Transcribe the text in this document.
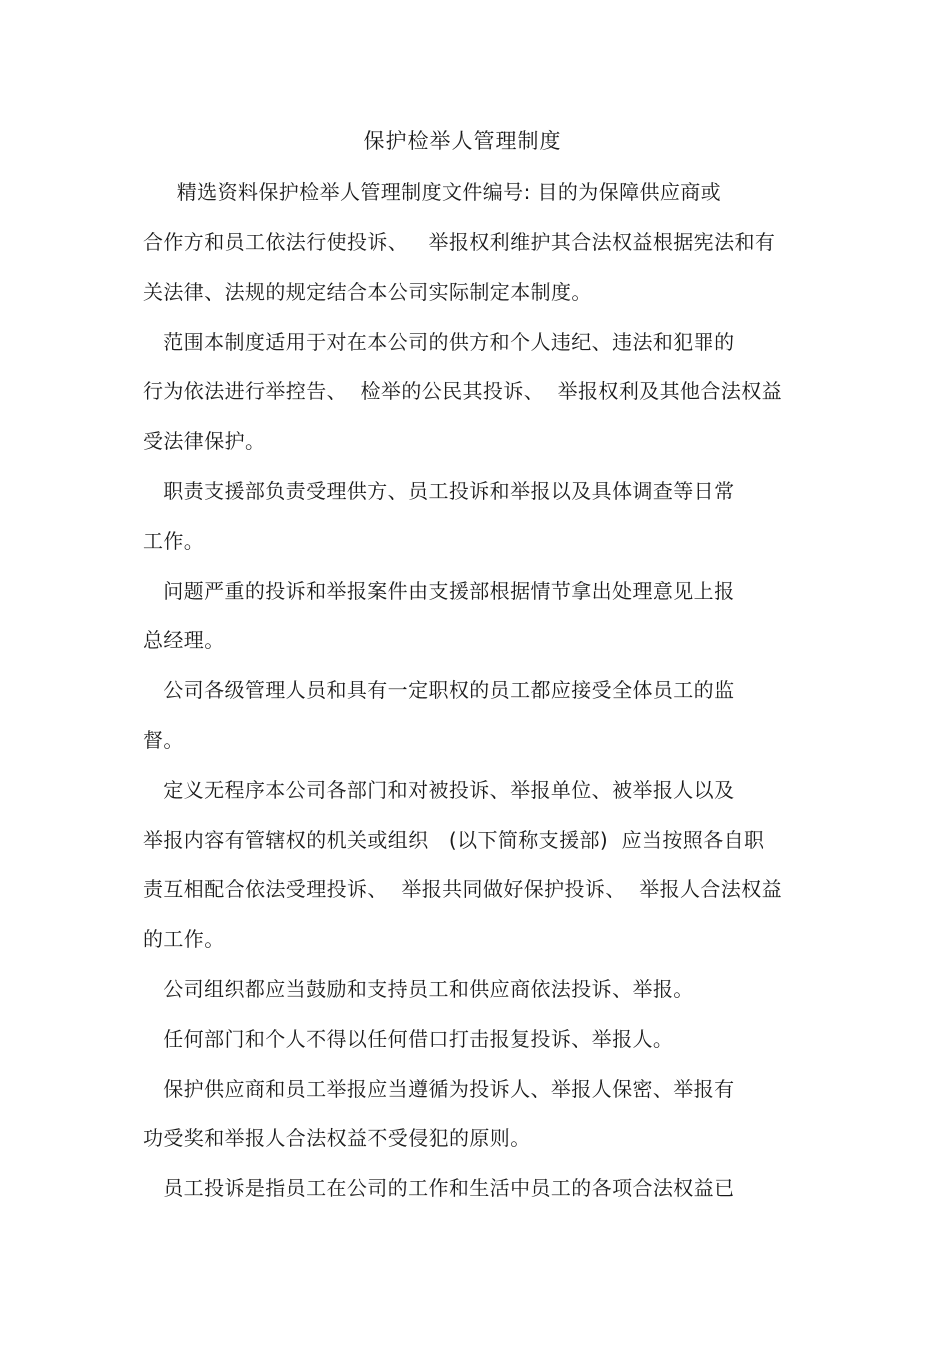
保护检举人管理制度
精选资料保护检举人管理制度文件编号: 目的为保障供应商或
合作方和员工依法行使投诉、   举报权利维护其合法权益根据宪法和有
关法律、法规的规定结合本公司实际制定本制度。
范围本制度适用于对在本公司的供方和个人违纪、违法和犯罪的
行为依法进行举控告、  检举的公民其投诉、  举报权利及其他合法权益
受法律保护。
职责支援部负责受理供方、员工投诉和举报以及具体调查等日常
工作。
问题严重的投诉和举报案件由支援部根据情节拿出处理意见上报
总经理。
公司各级管理人员和具有一定职权的员工都应接受全体员工的监
督。
定义无程序本公司各部门和对被投诉、举报单位、被举报人以及
举报内容有管辖权的机关或组织   (以下简称支援部)  应当按照各自职
责互相配合依法受理投诉、  举报共同做好保护投诉、  举报人合法权益
的工作。
公司组织都应当鼓励和支持员工和供应商依法投诉、举报。
任何部门和个人不得以任何借口打击报复投诉、举报人。
保护供应商和员工举报应当遵循为投诉人、举报人保密、举报有
功受奖和举报人合法权益不受侵犯的原则。
员工投诉是指员工在公司的工作和生活中员工的各项合法权益已
